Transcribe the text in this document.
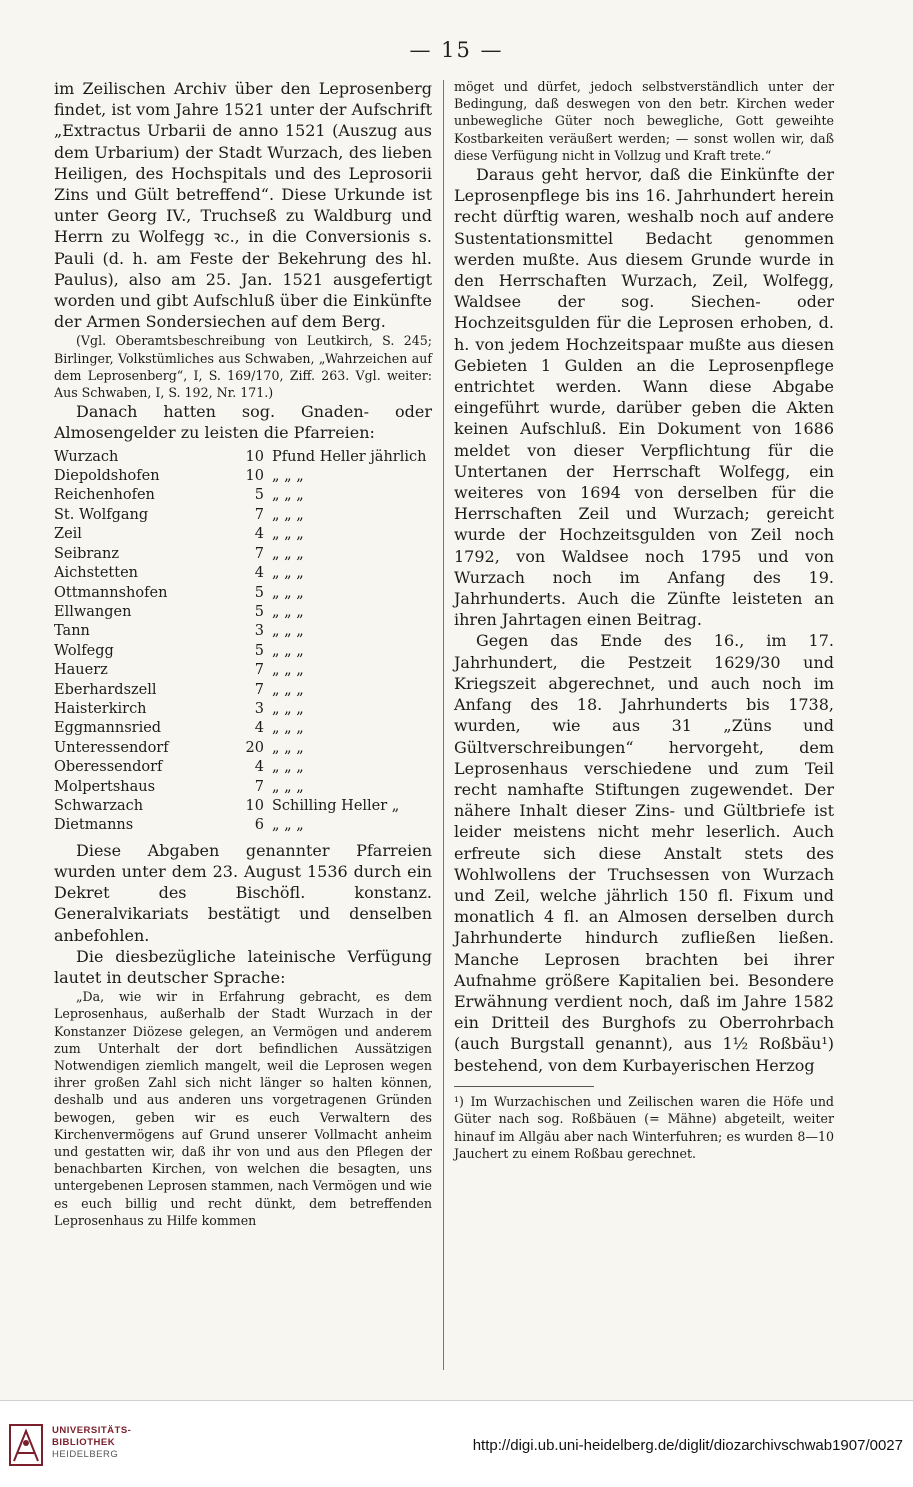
— 15 —

im Zeilischen Archiv über den Leprosenberg findet, ist vom Jahre 1521 unter der Aufschrift „Extractus Urbarii de anno 1521 (Auszug aus dem Urbarium) der Stadt Wurzach, des lieben Heiligen, des Hochspitals und des Leprosorii Zins und Gült betreffend“. Diese Urkunde ist unter Georg IV., Truchseß zu Waldburg und Herrn zu Wolfegg ꝛc., in die Conversionis s. Pauli (d. h. am Feste der Bekehrung des hl. Paulus), also am 25. Jan. 1521 ausgefertigt worden und gibt Aufschluß über die Einkünfte der Armen Sondersiechen auf dem Berg.

(Vgl. Oberamtsbeschreibung von Leutkirch, S. 245; Birlinger, Volkstümliches aus Schwaben, „Wahrzeichen auf dem Leprosenberg“, I, S. 169/170, Ziff. 263. Vgl. weiter: Aus Schwaben, I, S. 192, Nr. 171.)

Danach hatten sog. Gnaden- oder Almosengelder zu leisten die Pfarreien:

Wurzach	10	Pfund Heller jährlich
Diepoldshofen	10	„ „ „
Reichenhofen	5	„ „ „
St. Wolfgang	7	„ „ „
Zeil	4	„ „ „
Seibranz	7	„ „ „
Aichstetten	4	„ „ „
Ottmannshofen	5	„ „ „
Ellwangen	5	„ „ „
Tann	3	„ „ „
Wolfegg	5	„ „ „
Hauerz	7	„ „ „
Eberhardszell	7	„ „ „
Haisterkirch	3	„ „ „
Eggmannsried	4	„ „ „
Unteressendorf	20	„ „ „
Oberessendorf	4	„ „ „
Molpertshaus	7	„ „ „
Schwarzach	10	Schilling Heller „
Dietmanns	6	„ „ „

Diese Abgaben genannter Pfarreien wurden unter dem 23. August 1536 durch ein Dekret des Bischöfl. konstanz. Generalvikariats bestätigt und denselben anbefohlen.

Die diesbezügliche lateinische Verfügung lautet in deutscher Sprache:

„Da, wie wir in Erfahrung gebracht, es dem Leprosenhaus, außerhalb der Stadt Wurzach in der Konstanzer Diözese gelegen, an Vermögen und anderem zum Unterhalt der dort befindlichen Aussätzigen Notwendigen ziemlich mangelt, weil die Leprosen wegen ihrer großen Zahl sich nicht länger so halten können, deshalb und aus anderen uns vorgetragenen Gründen bewogen, geben wir es euch Verwaltern des Kirchenvermögens auf Grund unserer Vollmacht anheim und gestatten wir, daß ihr von und aus den Pflegen der benachbarten Kirchen, von welchen die besagten, uns untergebenen Leprosen stammen, nach Vermögen und wie es euch billig und recht dünkt, dem betreffenden Leprosenhaus zu Hilfe kommen

möget und dürfet, jedoch selbstverständlich unter der Bedingung, daß deswegen von den betr. Kirchen weder unbewegliche Güter noch bewegliche, Gott geweihte Kostbarkeiten veräußert werden; — sonst wollen wir, daß diese Verfügung nicht in Vollzug und Kraft trete.“

Daraus geht hervor, daß die Einkünfte der Leprosenpflege bis ins 16. Jahrhundert herein recht dürftig waren, weshalb noch auf andere Sustentationsmittel Bedacht genommen werden mußte. Aus diesem Grunde wurde in den Herrschaften Wurzach, Zeil, Wolfegg, Waldsee der sog. Siechen- oder Hochzeitsgulden für die Leprosen erhoben, d. h. von jedem Hochzeitspaar mußte aus diesen Gebieten 1 Gulden an die Leprosenpflege entrichtet werden. Wann diese Abgabe eingeführt wurde, darüber geben die Akten keinen Aufschluß. Ein Dokument von 1686 meldet von dieser Verpflichtung für die Untertanen der Herrschaft Wolfegg, ein weiteres von 1694 von derselben für die Herrschaften Zeil und Wurzach; gereicht wurde der Hochzeitsgulden von Zeil noch 1792, von Waldsee noch 1795 und von Wurzach noch im Anfang des 19. Jahrhunderts. Auch die Zünfte leisteten an ihren Jahrtagen einen Beitrag.

Gegen das Ende des 16., im 17. Jahrhundert, die Pestzeit 1629/30 und Kriegszeit abgerechnet, und auch noch im Anfang des 18. Jahrhunderts bis 1738, wurden, wie aus 31 „Züns und Gültverschreibungen“ hervorgeht, dem Leprosenhaus verschiedene und zum Teil recht namhafte Stiftungen zugewendet. Der nähere Inhalt dieser Zins- und Gültbriefe ist leider meistens nicht mehr leserlich. Auch erfreute sich diese Anstalt stets des Wohlwollens der Truchsessen von Wurzach und Zeil, welche jährlich 150 fl. Fixum und monatlich 4 fl. an Almosen derselben durch Jahrhunderte hindurch zufließen ließen. Manche Leprosen brachten bei ihrer Aufnahme größere Kapitalien bei. Besondere Erwähnung verdient noch, daß im Jahre 1582 ein Dritteil des Burghofs zu Oberrohrbach (auch Burgstall genannt), aus 1½ Roßbäu¹) bestehend, von dem Kurbayerischen Herzog

¹) Im Wurzachischen und Zeilischen waren die Höfe und Güter nach sog. Roßbäuen (= Mähne) abgeteilt, weiter hinauf im Allgäu aber nach Winterfuhren; es wurden 8—10 Jauchert zu einem Roßbau gerechnet.

UNIVERSITÄTS-
BIBLIOTHEK
HEIDELBERG
http://digi.ub.uni-heidelberg.de/diglit/diozarchivschwab1907/0027
